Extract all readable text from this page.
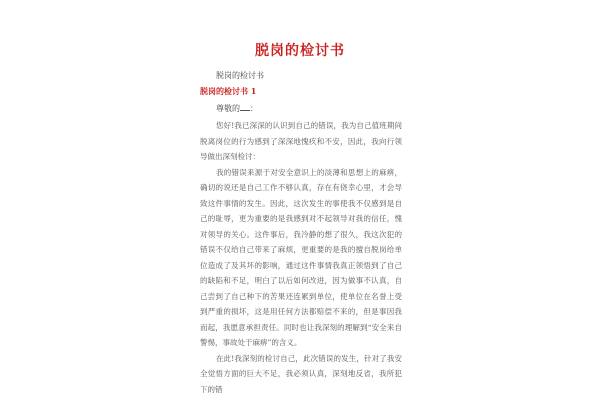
脱岗的检讨书
脱岗的检讨书
脱岗的检讨书 1
尊敬的 ：

您好!我已深深的认识到自己的错误，我为自己值班期间脱离岗位的行为感到了深深地愧疚和不安，因此，我向行领导做出深刻检讨：

我的错误来源于对安全意识上的淡薄和思想上的麻痹，确切的说还是自己工作不够认真，存在有侥幸心里，才会导致这件事情的发生。因此，这次发生的事使我不仅感到是自己的耻辱，更为重要的是我感到对不起领导对我的信任，愧对领导的关心。这件事后，我冷静的想了很久，我这次犯的错误不仅给自己带来了麻烦，更重要的是我的擅自脱岗给单位造成了及其坏的影响，通过这件事情我真正领悟到了自己的缺陷和不足，明白了以后如何改进，因为做事不认真，自己尝到了自己种下的苦果还连累到单位，使单位在名誉上受到严重的损坏，这是用任何方法都赔偿不来的，但是事因我而起，我愿意承担责任。同时也让我深刻的理解到“安全来自警惕，事故处于麻痹”的含义。

在此!我深刻的检讨自己，此次错误的发生，针对了我安全觉悟方面的巨大不足，我必须认真，深刻地反省，我所犯下的错
